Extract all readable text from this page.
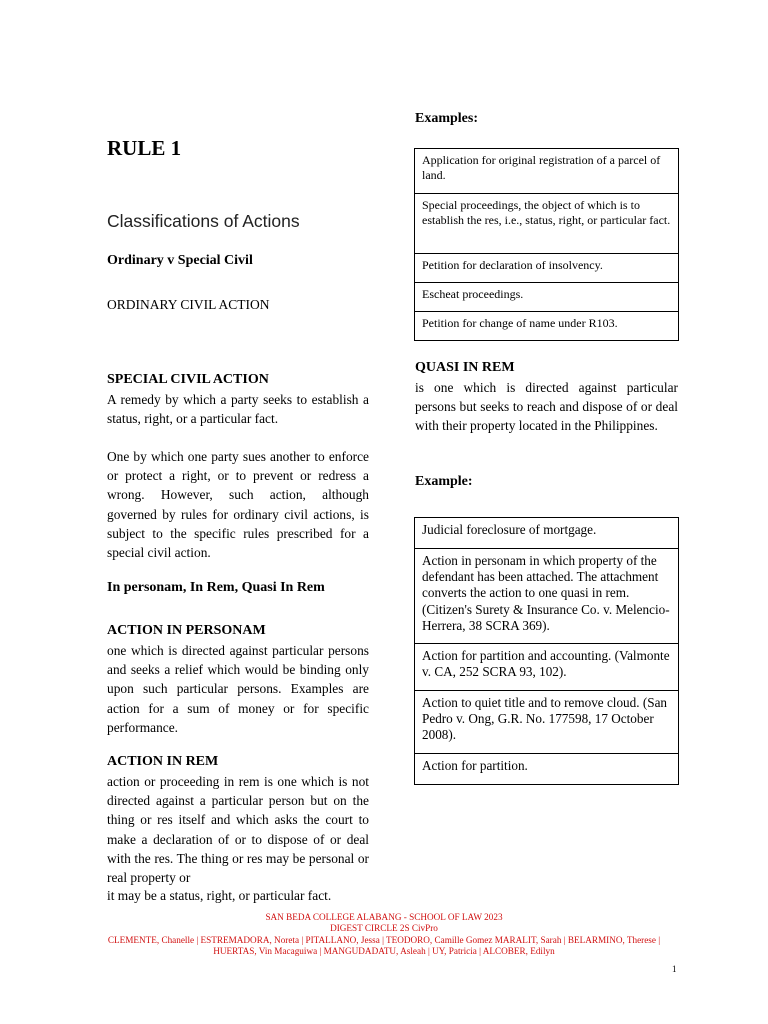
RULE 1
Classifications of Actions
Ordinary v Special Civil
ORDINARY CIVIL ACTION
SPECIAL CIVIL ACTION
A remedy by which a party seeks to establish a status, right, or a particular fact.
One by which one party sues another to enforce or protect a right, or to prevent or redress a wrong. However, such action, although governed by rules for ordinary civil actions, is subject to the specific rules prescribed for a special civil action.
In personam, In Rem, Quasi In Rem
ACTION IN PERSONAM
one which is directed against particular persons and seeks a relief which would be binding only upon such particular persons. Examples are action for a sum of money or for specific performance.
ACTION IN REM
action or proceeding in rem is one which is not directed against a particular person but on the thing or res itself and which asks the court to make a declaration of or to dispose of or deal with the res. The thing or res may be personal or real property or
it may be a status, right, or particular fact.
Examples:
Application for original registration of a parcel of land.
Special proceedings, the object of which is to establish the res, i.e., status, right, or particular fact.
Petition for declaration of insolvency.
Escheat proceedings.
Petition for change of name under R103.
QUASI IN REM
is one which is directed against particular persons but seeks to reach and dispose of or deal with their property located in the Philippines.
Example:
Judicial foreclosure of mortgage.
Action in personam in which property of the defendant has been attached. The attachment converts the action to one quasi in rem. (Citizen's Surety & Insurance Co. v. Melencio- Herrera, 38 SCRA 369).
Action for partition and accounting. (Valmonte v. CA, 252 SCRA 93, 102).
Action to quiet title and to remove cloud. (San Pedro v. Ong, G.R. No. 177598, 17 October 2008).
Action for partition.
SAN BEDA COLLEGE ALABANG - SCHOOL OF LAW 2023
DIGEST CIRCLE 2S CivPro
CLEMENTE, Chanelle | ESTREMADORA, Noreta | PITALLANO, Jessa | TEODORO, Camille Gomez MARALIT, Sarah | BELARMINO, Therese |
HUERTAS, Vin Macaguiwa | MANGUDADATU, Asleah | UY, Patricia | ALCOBER, Edilyn
1
